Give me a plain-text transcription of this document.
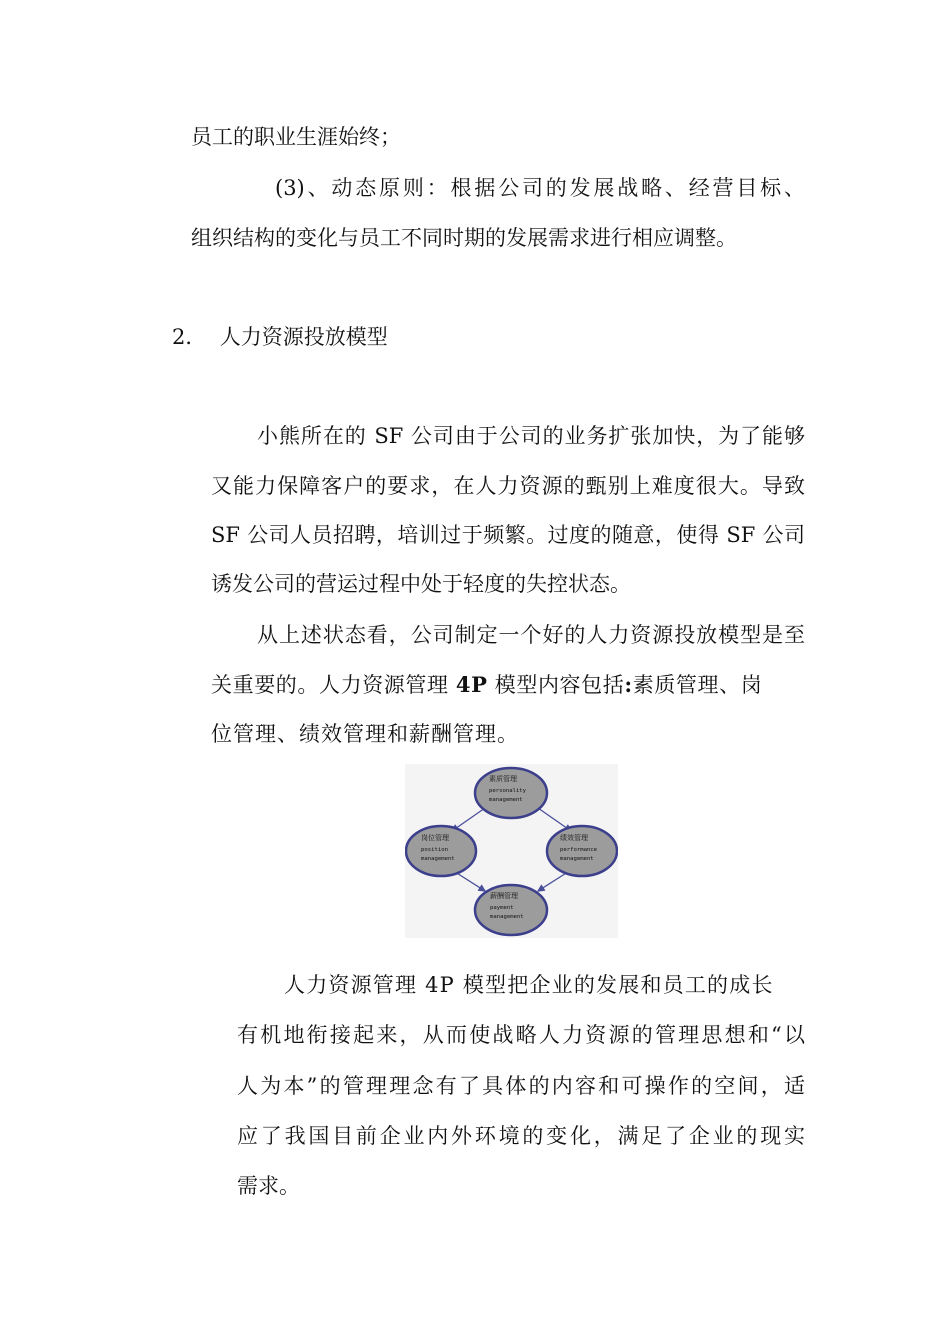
员工的职业生涯始终；

(3)、动态原则：根据公司的发展战略、经营目标、

组织结构的变化与员工不同时期的发展需求进行相应调整。

2．  人力资源投放模型

小熊所在的 SF 公司由于公司的业务扩张加快，为了能够

又能力保障客户的要求，在人力资源的甄别上难度很大。导致

SF 公司人员招聘，培训过于频繁。过度的随意，使得 SF 公司

诱发公司的营运过程中处于轻度的失控状态。

从上述状态看，公司制定一个好的人力资源投放模型是至

关重要的。人力资源管理 4P 模型内容包括:素质管理、岗

位管理、绩效管理和薪酬管理。

素质管理
personality
management
岗位管理
position
management
绩效管理
performance
management
薪酬管理
payment
management

人力资源管理 4P 模型把企业的发展和员工的成长

有机地衔接起来，从而使战略人力资源的管理思想和“以

人为本”的管理理念有了具体的内容和可操作的空间，适

应了我国目前企业内外环境的变化，满足了企业的现实

需求。
